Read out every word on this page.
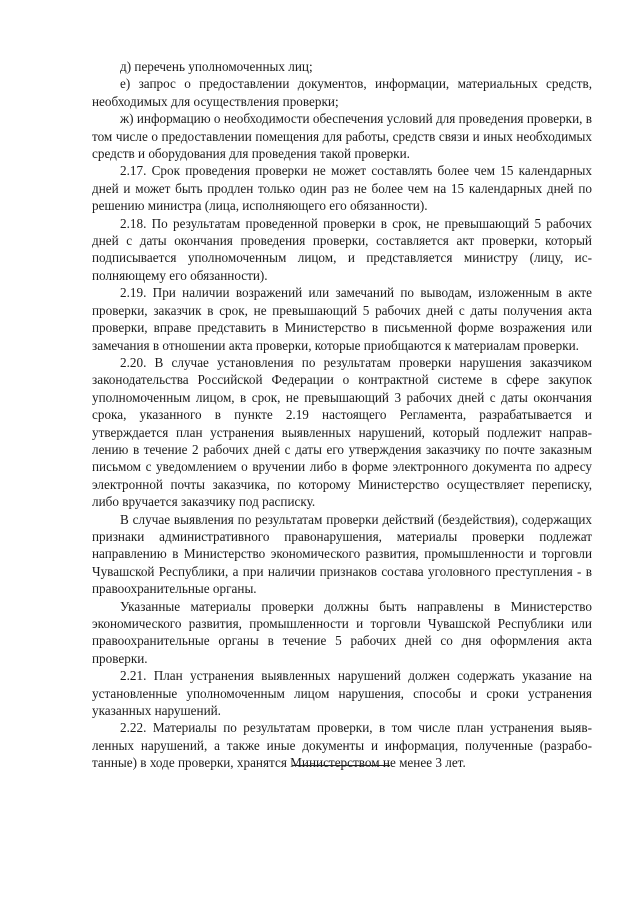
д) перечень уполномоченных лиц;

е) запрос о предоставлении документов, информации, материальных средств, необходимых для осуществления проверки;

ж) информацию о необходимости обеспечения условий для проведения проверки, в том числе о предоставлении помещения для работы, средств связи и иных необходимых средств и оборудования для проведения такой проверки.

2.17. Срок проведения проверки не может составлять более чем 15 календарных дней и может быть продлен только один раз не более чем на 15 календарных дней по решению министра (лица, исполняющего его обязанности).

2.18. По результатам проведенной проверки в срок, не превышающий 5 рабочих дней с даты окончания проведения проверки, составляется акт проверки, который подписывается уполномоченным лицом, и представляется министру (лицу, исполняющему его обязанности).

2.19. При наличии возражений или замечаний по выводам, изложенным в акте проверки, заказчик в срок, не превышающий 5 рабочих дней с даты получения акта проверки, вправе представить в Министерство в письменной форме возражения или замечания в отношении акта проверки, которые приобщаются к материалам проверки.

2.20. В случае установления по результатам проверки нарушения заказчиком законодательства Российской Федерации о контрактной системе в сфере закупок уполномоченным лицом, в срок, не превышающий 3 рабочих дней с даты окончания срока, указанного в пункте 2.19 настоящего Регламента, разрабатывается и утверждается план устранения выявленных нарушений, который подлежит направлению в течение 2 рабочих дней с даты его утверждения заказчику по почте заказным письмом с уведомлением о вручении либо в форме электронного документа по адресу электронной почты заказчика, по которому Министерство осуществляет переписку, либо вручается заказчику под расписку.

В случае выявления по результатам проверки действий (бездействия), содержащих признаки административного правонарушения, материалы проверки подлежат направлению в Министерство экономического развития, промышленности и торговли Чувашской Республики, а при наличии признаков состава уголовного преступления - в правоохранительные органы.

Указанные материалы проверки должны быть направлены в Министерство экономического развития, промышленности и торговли Чувашской Республики или правоохранительные органы в течение 5 рабочих дней со дня оформления акта проверки.

2.21. План устранения выявленных нарушений должен содержать указание на установленные уполномоченным лицом нарушения, способы и сроки устранения указанных нарушений.

2.22. Материалы по результатам проверки, в том числе план устранения выявленных нарушений, а также иные документы и информация, полученные (разработанные) в ходе проверки, хранятся Министерством не менее 3 лет.
